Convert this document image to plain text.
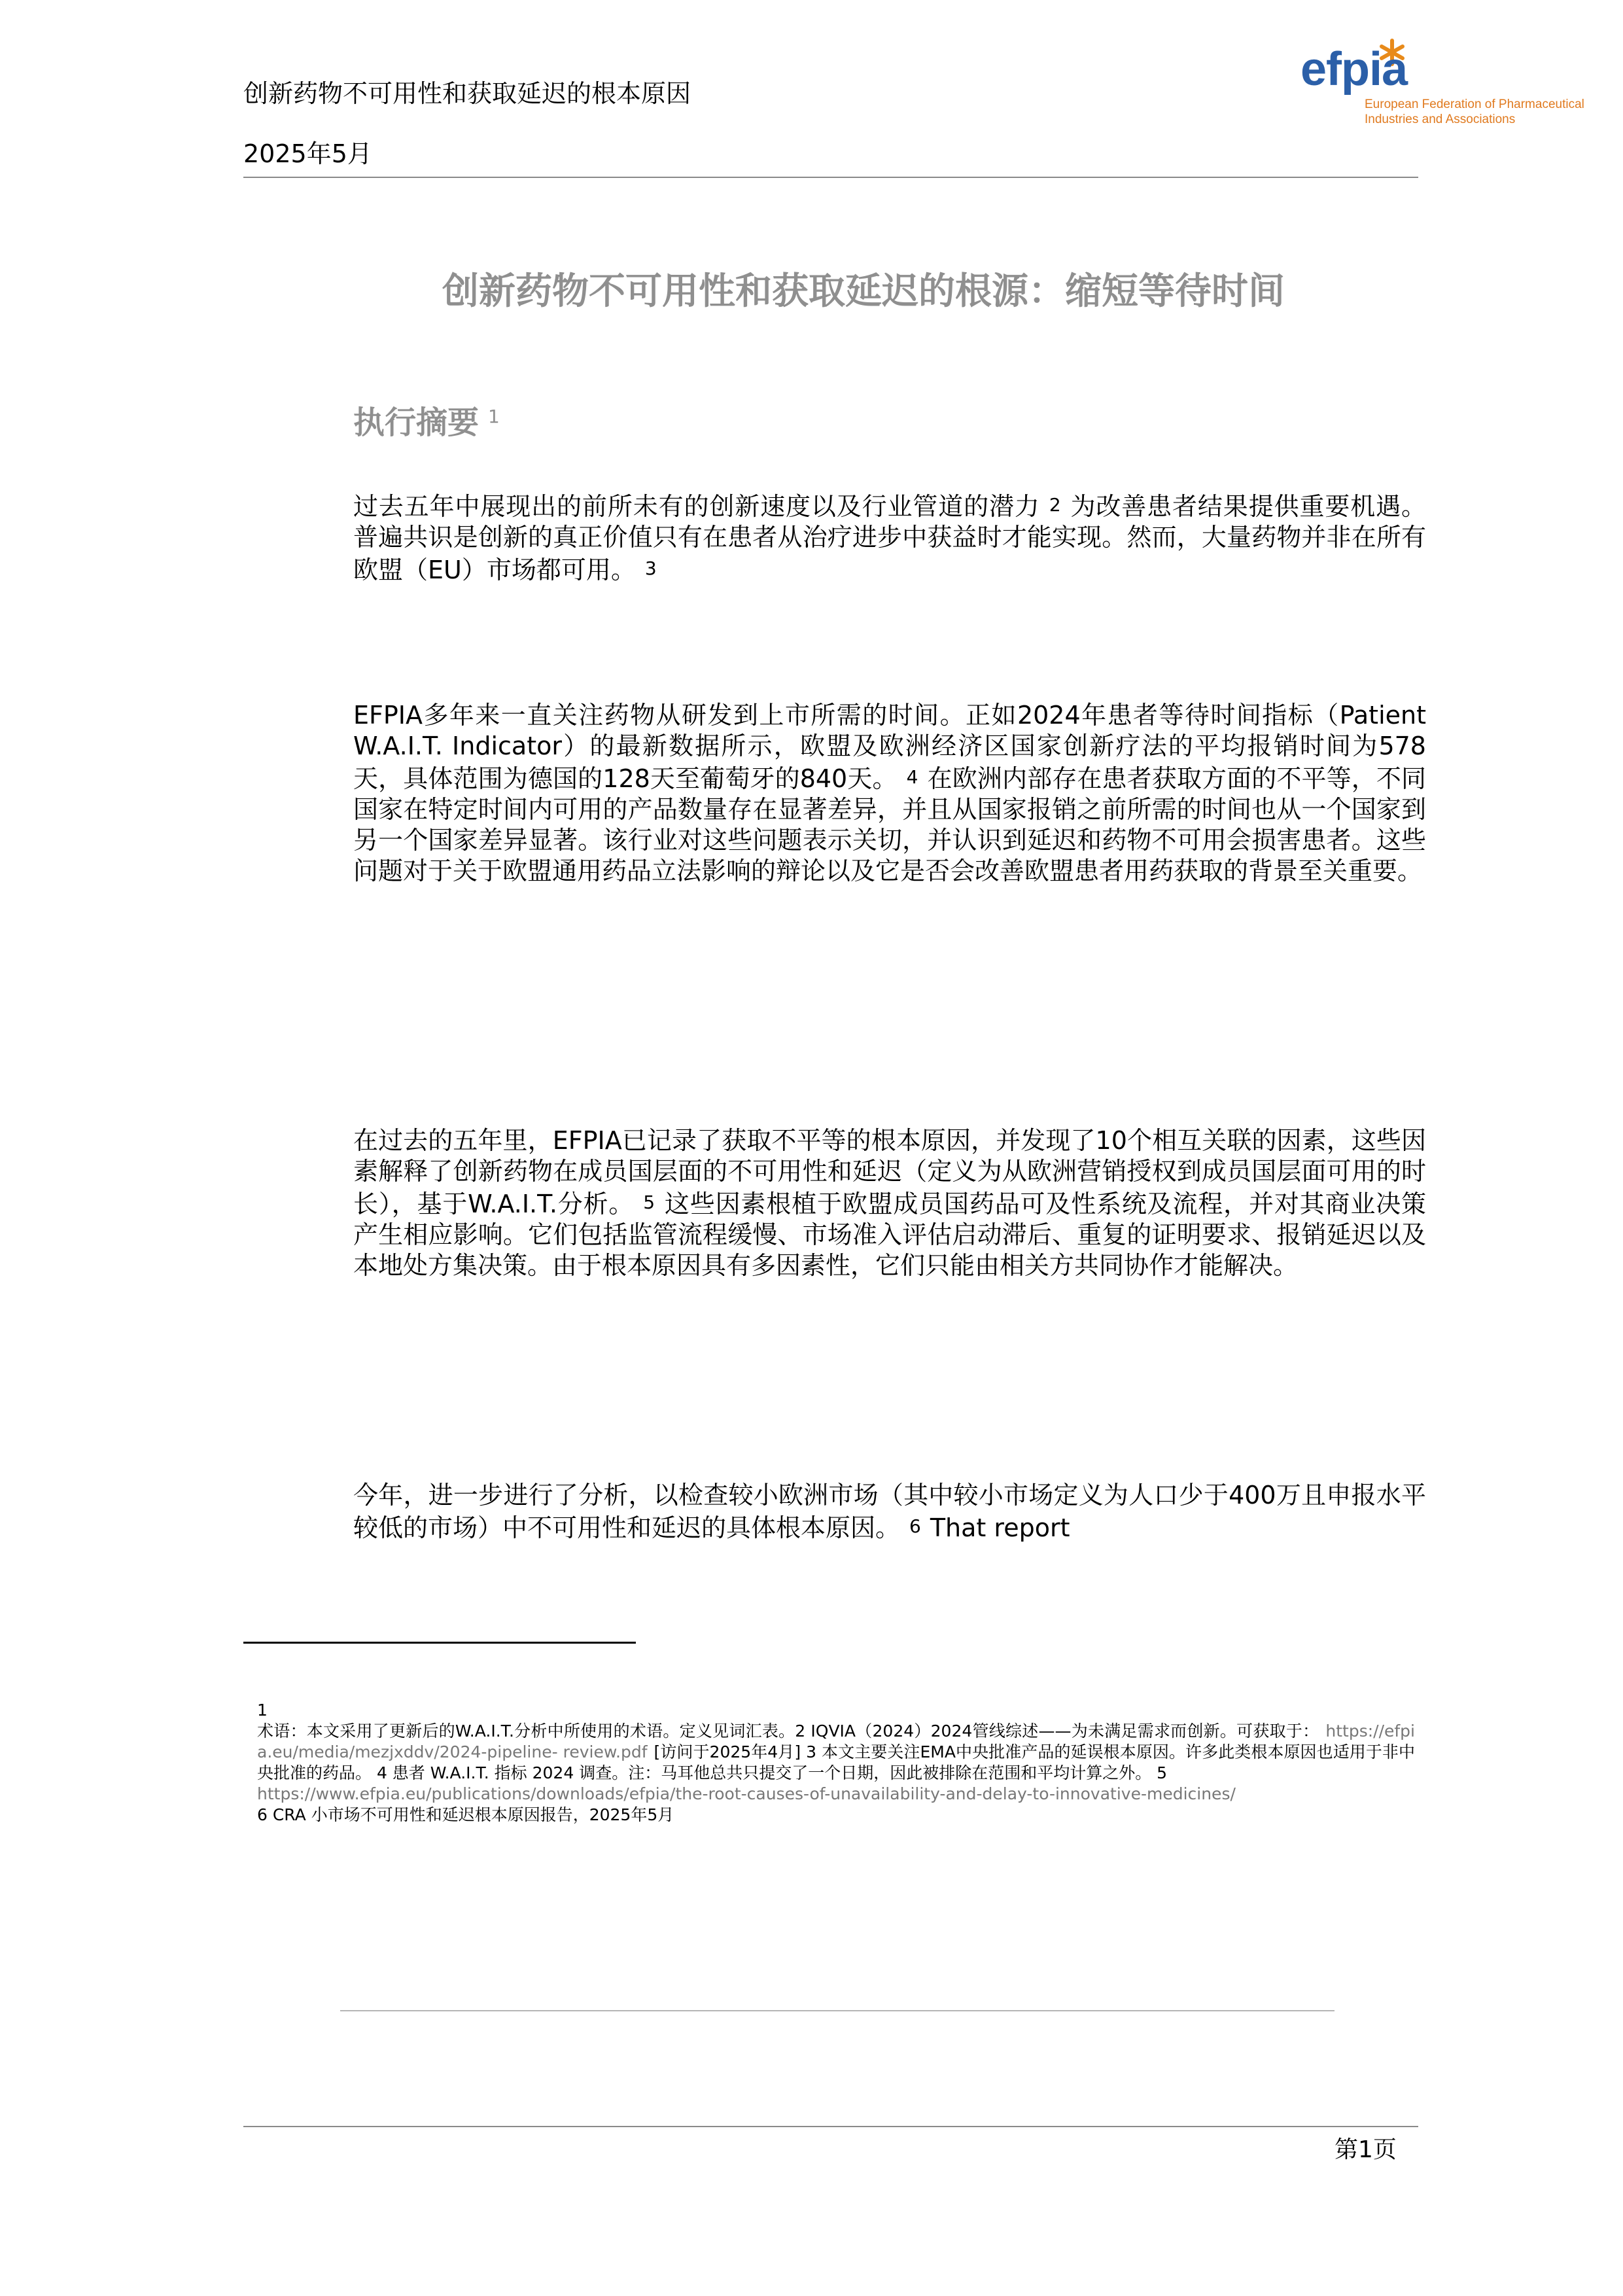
创新药物不可用性和获取延迟的根本原因
2025年5月
efpia
European Federation of Pharmaceutical
Industries and Associations
创新药物不可用性和获取延迟的根源：缩短等待时间
执行摘要 $^1$
过去五年中展现出的前所未有的创新速度以及行业管道的潜力 2 为改善患者结果提供重要机遇。普遍共识是创新的真正价值只有在患者从治疗进步中获益时才能实现。然而，大量药物并非在所有欧盟（EU）市场都可用。 3
EFPIA多年来一直关注药物从研发到上市所需的时间。正如2024年患者等待时间指标（Patient W.A.I.T. Indicator）的最新数据所示，欧盟及欧洲经济区国家创新疗法的平均报销时间为578天，具体范围为德国的128天至葡萄牙的840天。 4 在欧洲内部存在患者获取方面的不平等，不同国家在特定时间内可用的产品数量存在显著差异，并且从国家报销之前所需的时间也从一个国家到另一个国家差异显著。该行业对这些问题表示关切，并认识到延迟和药物不可用会损害患者。这些问题对于关于欧盟通用药品立法影响的辩论以及它是否会改善欧盟患者用药获取的背景至关重要。
在过去的五年里，EFPIA已记录了获取不平等的根本原因，并发现了10个相互关联的因素，这些因素解释了创新药物在成员国层面的不可用性和延迟（定义为从欧洲营销授权到成员国层面可用的时长），基于W.A.I.T.分析。 5 这些因素根植于欧盟成员国药品可及性系统及流程，并对其商业决策产生相应影响。它们包括监管流程缓慢、市场准入评估启动滞后、重复的证明要求、报销延迟以及本地处方集决策。由于根本原因具有多因素性，它们只能由相关方共同协作才能解决。
今年，进一步进行了分析，以检查较小欧洲市场（其中较小市场定义为人口少于400万且申报水平较低的市场）中不可用性和延迟的具体根本原因。 6 That report
1
术语：本文采用了更新后的W.A.I.T.分析中所使用的术语。定义见词汇表。2 IQVIA（2024）2024管线综述——为未满足需求而创新。可获取于： https://efpia.eu/media/mezjxddv/2024-pipeline- review.pdf [访问于2025年4月] 3 本文主要关注EMA中央批准产品的延误根本原因。许多此类根本原因也适用于非中央批准的药品。 4 患者 W.A.I.T. 指标 2024 调查。注：马耳他总共只提交了一个日期，因此被排除在范围和平均计算之外。 5
https://www.efpia.eu/publications/downloads/efpia/the-root-causes-of-unavailability-and-delay-to-innovative-medicines/
6 CRA 小市场不可用性和延迟根本原因报告，2025年5月
第1页
